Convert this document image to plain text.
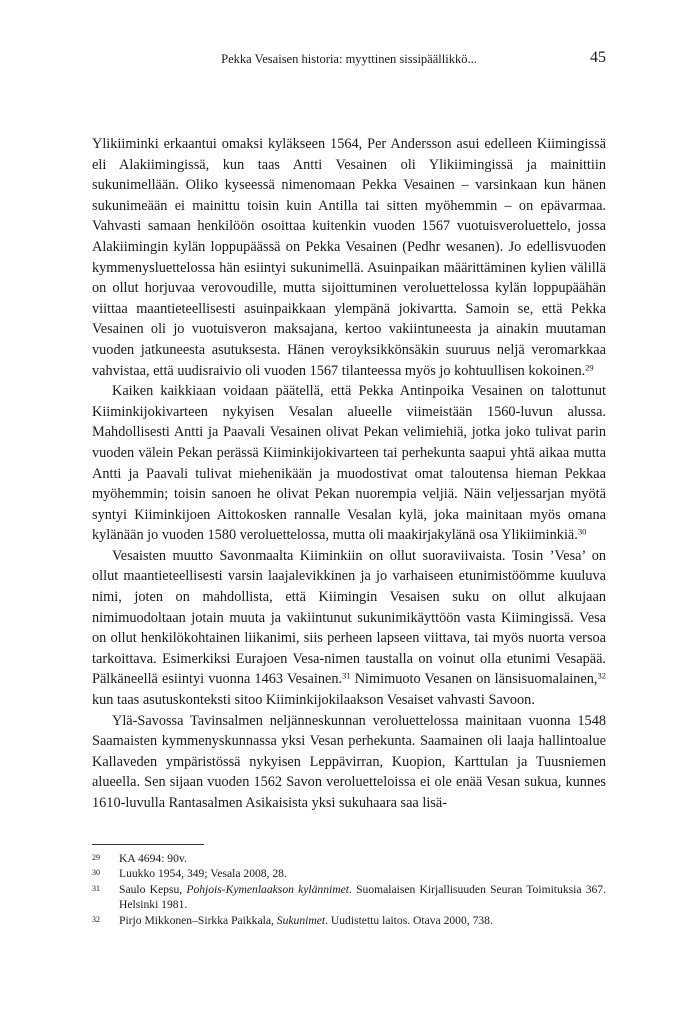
Pekka Vesaisen historia: myyttinen sissipäällikkö...	45

Ylikiiminki erkaantui omaksi kyläkseen 1564, Per Andersson asui edelleen Kiimingissä eli Alakiimingissä, kun taas Antti Vesainen oli Ylikiimingissä ja mainittiin sukunimellään. Oliko kyseessä nimenomaan Pekka Vesainen – varsinkaan kun hänen sukunimeään ei mainittu toisin kuin Antilla tai sitten myöhemmin – on epävarmaa. Vahvasti samaan henkilöön osoittaa kuitenkin vuoden 1567 vuotuisveroluettelo, jossa Alakiimingin kylän loppupäässä on Pekka Vesainen (Pedhr wesanen). Jo edellisvuoden kymmenysluettelossa hän esiintyi sukunimellä. Asuinpaikan määrittäminen kylien välillä on ollut horjuvaa verovoudille, mutta sijoittuminen veroluettelossa kylän loppupäähän viittaa maantieteellisesti asuinpaikkaan ylempänä jokivartta. Samoin se, että Pekka Vesainen oli jo vuotuisveron maksajana, kertoo vakiintuneesta ja ainakin muutaman vuoden jatkuneesta asutuksesta. Hänen veroyksikkönsäkin suuruus neljä veromarkkaa vahvistaa, että uudisraivio oli vuoden 1567 tilanteessa myös jo kohtuullisen kokoinen.$^{29}$

Kaiken kaikkiaan voidaan päätellä, että Pekka Antinpoika Vesainen on talottunut Kiiminkijokivarteen nykyisen Vesalan alueelle viimeistään 1560-luvun alussa. Mahdollisesti Antti ja Paavali Vesainen olivat Pekan velimiehiä, jotka joko tulivat parin vuoden välein Pekan perässä Kiiminkijokivarteen tai perhekunta saapui yhtä aikaa mutta Antti ja Paavali tulivat miehenikään ja muodostivat omat taloutensa hieman Pekkaa myöhemmin; toisin sanoen he olivat Pekan nuorempia veljiä. Näin veljessarjan myötä syntyi Kiiminkijoen Aittokosken rannalle Vesalan kylä, joka mainitaan myös omana kylänään jo vuoden 1580 veroluettelossa, mutta oli maakirjakylänä osa Ylikiiminkiä.$^{30}$

Vesaisten muutto Savonmaalta Kiiminkiin on ollut suoraviivaista. Tosin ’Vesa’ on ollut maantieteellisesti varsin laajalevikkinen ja jo varhaiseen etunimistöömme kuuluva nimi, joten on mahdollista, että Kiimingin Vesaisen suku on ollut alkujaan nimimuodoltaan jotain muuta ja vakiintunut sukunimikäyttöön vasta Kiimingissä. Vesa on ollut henkilökohtainen liikanimi, siis perheen lapseen viittava, tai myös nuorta versoa tarkoittava. Esimerkiksi Eurajoen Vesa-nimen taustalla on voinut olla etunimi Vesapää. Pälkäneellä esiintyi vuonna 1463 Vesainen.$^{31}$ Nimimuoto Vesanen on länsisuomalainen,$^{32}$ kun taas asutuskonteksti sitoo Kiiminkijokilaakson Vesaiset vahvasti Savoon.

Ylä-Savossa Tavinsalmen neljänneskunnan veroluettelossa mainitaan vuonna 1548 Saamaisten kymmenyskunnassa yksi Vesan perhekunta. Saamainen oli laaja hallintoalue Kallaveden ympäristössä nykyisen Leppävirran, Kuopion, Karttulan ja Tuusniemen alueella. Sen sijaan vuoden 1562 Savon veroluetteloissa ei ole enää Vesan sukua, kunnes 1610-luvulla Rantasalmen Asikaisista yksi sukuhaara saa lisä-

29	KA 4694: 90v.
30	Luukko 1954, 349; Vesala 2008, 28.
31	Saulo Kepsu, Pohjois-Kymenlaakson kylännimet. Suomalaisen Kirjallisuuden Seuran Toimituksia 367. Helsinki 1981.
32	Pirjo Mikkonen–Sirkka Paikkala, Sukunimet. Uudistettu laitos. Otava 2000, 738.
